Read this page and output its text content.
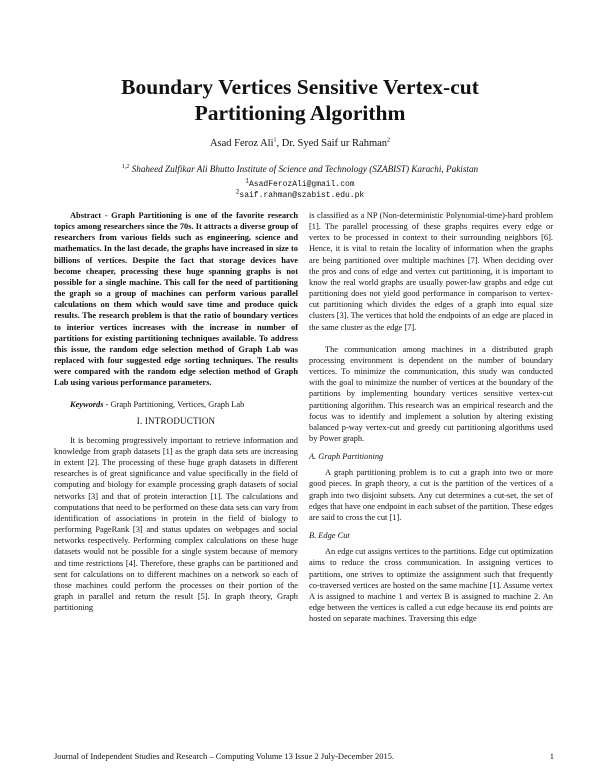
Boundary Vertices Sensitive Vertex-cut
Partitioning Algorithm
Asad Feroz Ali$^1$, Dr. Syed Saif ur Rahman$^2$
$^{1,2}$ Shaheed Zulfikar Ali Bhutto Institute of Science and Technology (SZABIST) Karachi, Pakistan
$^1$AsadFerozAli@gmail.com
$^2$saif.rahman@szabist.edu.pk

Abstract - Graph Partitioning is one of the favorite research topics among researchers since the 70s. It attracts a diverse group of researchers from various fields such as engineering, science and mathematics. In the last decade, the graphs have increased in size to billions of vertices. Despite the fact that storage devices have become cheaper, processing these huge spanning graphs is not possible for a single machine. This call for the need of partitioning the graph so a group of machines can perform various parallel calculations on them which would save time and produce quick results. The research problem is that the ratio of boundary vertices to interior vertices increases with the increase in number of partitions for existing partitioning techniques available. To address this issue, the random edge selection method of Graph Lab was replaced with four suggested edge sorting techniques. The results were compared with the random edge selection method of Graph Lab using various performance parameters.

Keywords - Graph Partitioning, Vertices, Graph Lab

I. INTRODUCTION

It is becoming progressively important to retrieve information and knowledge from graph datasets [1] as the graph data sets are increasing in extent [2]. The processing of these huge graph datasets in different researches is of great significance and value specifically in the field of computing and biology for example processing graph datasets of social networks [3] and that of protein interaction [1]. The calculations and computations that need to be performed on these data sets can vary from identification of associations in protein in the field of biology to performing PageRank [3] and status updates on webpages and social networks respectively. Performing complex calculations on these huge datasets would not be possible for a single system because of memory and time restrictions [4]. Therefore, these graphs can be partitioned and sent for calculations on to different machines on a network so each of those machines could perform the processes on their portion of the graph in parallel and return the result [5]. In graph theory, Graph partitioning

is classified as a NP (Non-deterministic Polynomial-time)-hard problem [1]. The parallel processing of these graphs requires every edge or vertex to be processed in context to their surrounding neighbors [6]. Hence, it is vital to retain the locality of information when the graphs are being partitioned over multiple machines [7]. When deciding over the pros and cons of edge and vertex cut partitioning, it is important to know the real world graphs are usually power-law graphs and edge cut partitioning does not yield good performance in comparison to vertex-cut partitioning which divides the edges of a graph into equal size clusters [3]. The vertices that hold the endpoints of an edge are placed in the same cluster as the edge [7].

The communication among machines in a distributed graph processing environment is dependent on the number of boundary vertices. To minimize the communication, this study was conducted with the goal to minimize the number of vertices at the boundary of the partitions by implementing boundary vertices sensitive vertex-cut partitioning algorithm. This research was an empirical research and the focus was to identify and implement a solution by altering existing balanced p-way vertex-cut and greedy cut partitioning algorithms used by Power graph.

A. Graph Partitioning

A graph partitioning problem is to cut a graph into two or more good pieces. In graph theory, a cut is the partition of the vertices of a graph into two disjoint subsets. Any cut determines a cut-set, the set of edges that have one endpoint in each subset of the partition. These edges are said to cross the cut [1].

B. Edge Cut

An edge cut assigns vertices to the partitions. Edge cut optimization aims to reduce the cross communication. In assigning vertices to partitions, one strives to optimize the assignment such that frequently co-traversed vertices are hosted on the same machine [1]. Assume vertex A is assigned to machine 1 and vertex B is assigned to machine 2. An edge between the vertices is called a cut edge because its end points are hosted on separate machines. Traversing this edge

Journal of Independent Studies and Research – Computing Volume 13 Issue 2 July-December 2015.	1
